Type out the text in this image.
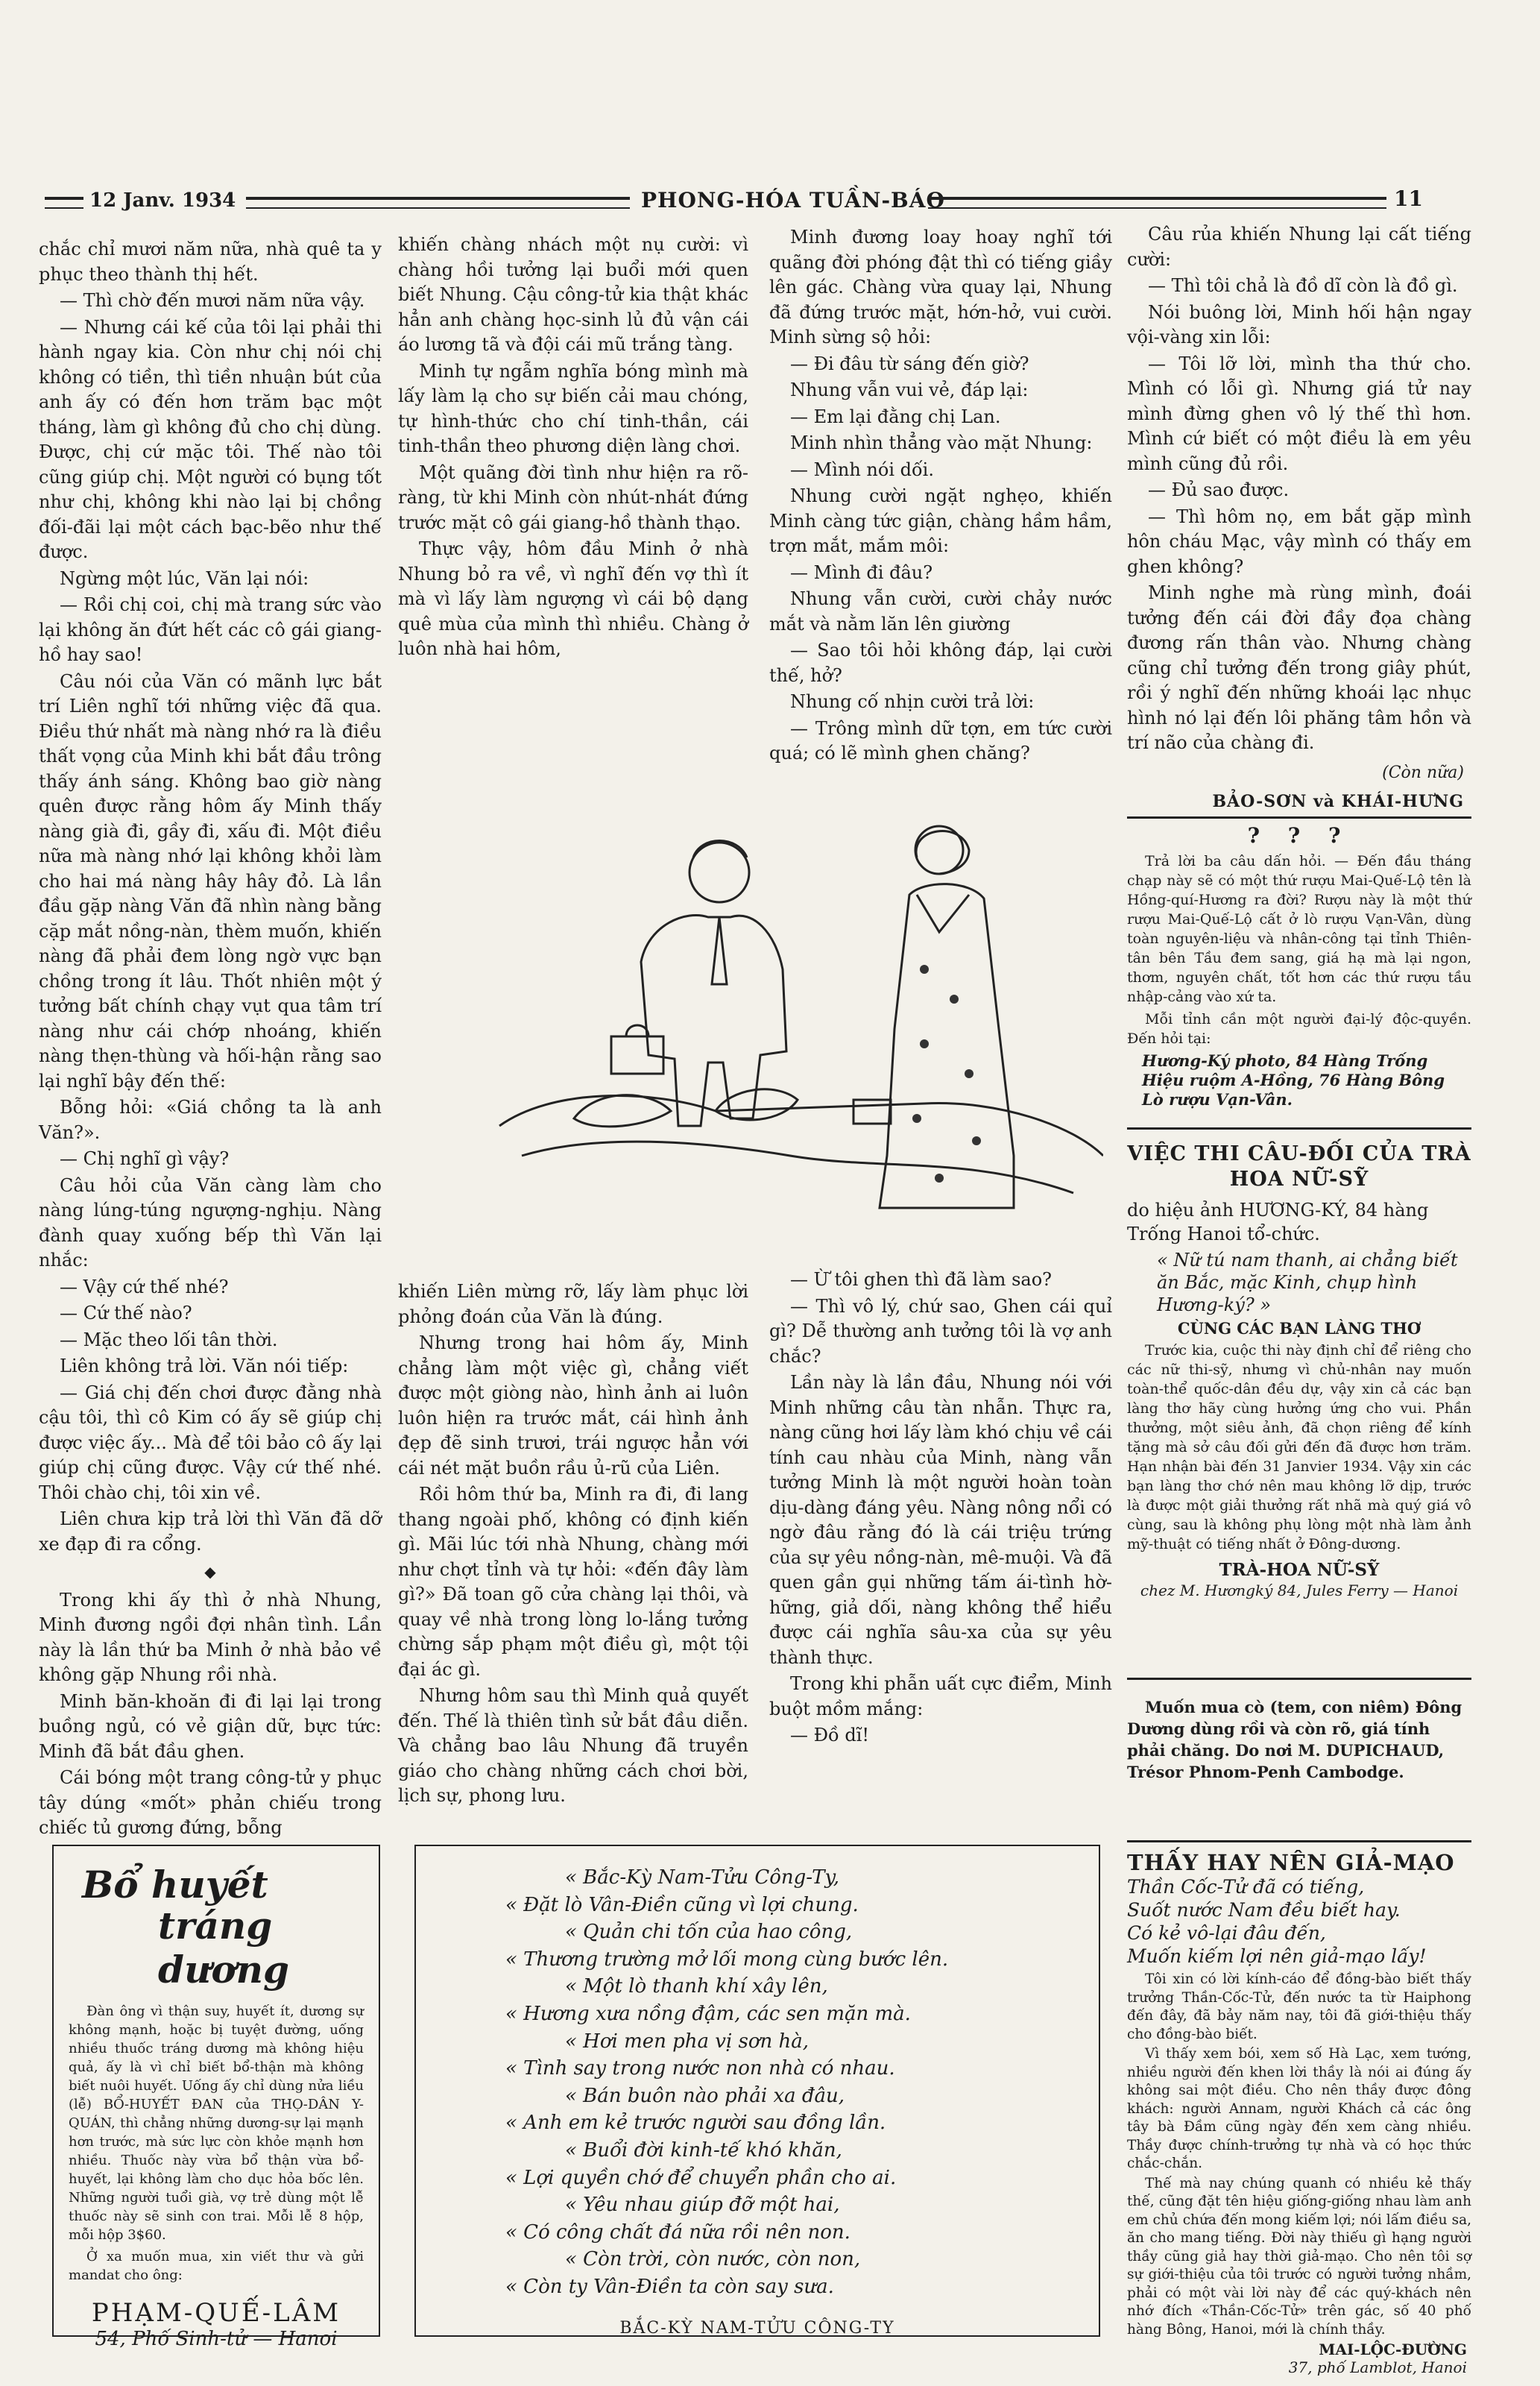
12 Janv. 1934	PHONG-HÓA TUẦN-BÁO	11

chắc chỉ mươi năm nữa, nhà quê ta y phục theo thành thị hết.

— Thì chờ đến mươi năm nữa vậy.

— Nhưng cái kế của tôi lại phải thi hành ngay kia. Còn như chị nói chị không có tiền, thì tiền nhuận bút của anh ấy có đến hơn trăm bạc một tháng, làm gì không đủ cho chị dùng. Được, chị cứ mặc tôi. Thế nào tôi cũng giúp chị. Một người có bụng tốt như chị, không khi nào lại bị chồng đối-đãi lại một cách bạc-bẽo như thế được.

Ngừng một lúc, Văn lại nói:

— Rồi chị coi, chị mà trang sức vào lại không ăn đứt hết các cô gái giang-hồ hay sao!

Câu nói của Văn có mãnh lực bắt trí Liên nghĩ tới những việc đã qua. Điều thứ nhất mà nàng nhớ ra là điều thất vọng của Minh khi bắt đầu trông thấy ánh sáng. Không bao giờ nàng quên được rằng hôm ấy Minh thấy nàng già đi, gầy đi, xấu đi. Một điều nữa mà nàng nhớ lại không khỏi làm cho hai má nàng hây hây đỏ. Là lần đầu gặp nàng Văn đã nhìn nàng bằng cặp mắt nồng-nàn, thèm muốn, khiến nàng đã phải đem lòng ngờ vực bạn chồng trong ít lâu. Thốt nhiên một ý tưởng bất chính chạy vụt qua tâm trí nàng như cái chớp nhoáng, khiến nàng thẹn-thùng và hối-hận rằng sao lại nghĩ bậy đến thế:

Bỗng hỏi: «Giá chồng ta là anh Văn?».

— Chị nghĩ gì vậy?

Câu hỏi của Văn càng làm cho nàng lúng-túng ngượng-nghịu. Nàng đành quay xuống bếp thì Văn lại nhắc:

— Vậy cứ thế nhé?

— Cứ thế nào?

— Mặc theo lối tân thời.

Liên không trả lời. Văn nói tiếp:

— Giá chị đến chơi được đằng nhà cậu tôi, thì cô Kim có ấy sẽ giúp chị được việc ấy... Mà để tôi bảo cô ấy lại giúp chị cũng được. Vậy cứ thế nhé. Thôi chào chị, tôi xin về.

Liên chưa kịp trả lời thì Văn đã dỡ xe đạp đi ra cổng.

◆

Trong khi ấy thì ở nhà Nhung, Minh đương ngồi đợi nhân tình. Lần này là lần thứ ba Minh ở nhà bảo về không gặp Nhung rồi nhà.

Minh băn-khoăn đi đi lại lại trong buồng ngủ, có vẻ giận dữ, bực tức: Minh đã bắt đầu ghen.

Cái bóng một trang công-tử y phục tây dúng «mốt» phản chiếu trong chiếc tủ gương đứng, bỗng

khiến chàng nhách một nụ cười: vì chàng hồi tưởng lại buổi mới quen biết Nhung. Cậu công-tử kia thật khác hẳn anh chàng học-sinh lủ đủ vận cái áo lương tã và đội cái mũ trắng tàng.

Minh tự ngẫm nghĩa bóng mình mà lấy làm lạ cho sự biến cải mau chóng, tự hình-thức cho chí tinh-thần, cái tinh-thần theo phương diện làng chơi.

Một quãng đời tình như hiện ra rõ-ràng, từ khi Minh còn nhút-nhát đứng trước mặt cô gái giang-hồ thành thạo.

Thực vậy, hôm đầu Minh ở nhà Nhung bỏ ra về, vì nghĩ đến vợ thì ít mà vì lấy làm ngượng vì cái bộ dạng quê mùa của mình thì nhiều. Chàng ở luôn nhà hai hôm,

Minh đương loay hoay nghĩ tới quãng đời phóng đật thì có tiếng giầy lên gác. Chàng vừa quay lại, Nhung đã đứng trước mặt, hớn-hở, vui cười. Minh sừng sộ hỏi:

— Đi đâu từ sáng đến giờ?

Nhung vẫn vui vẻ, đáp lại:

— Em lại đằng chị Lan.

Minh nhìn thẳng vào mặt Nhung:

— Mình nói dối.

Nhung cười ngặt nghẹo, khiến Minh càng tức giận, chàng hầm hầm, trợn mắt, mắm môi:

— Mình đi đâu?

Nhung vẫn cười, cười chảy nước mắt và nằm lăn lên giường

— Sao tôi hỏi không đáp, lại cười thế, hở?

Nhung cố nhịn cười trả lời:

— Trông mình dữ tợn, em tức cười quá; có lẽ mình ghen chăng?

Câu rủa khiến Nhung lại cất tiếng cười:

— Thì tôi chả là đồ dĩ còn là đồ gì.

Nói buông lời, Minh hối hận ngay vội-vàng xin lỗi:

— Tôi lỡ lời, mình tha thứ cho. Mình có lỗi gì. Nhưng giá tử nay mình đừng ghen vô lý thế thì hơn. Mình cứ biết có một điều là em yêu mình cũng đủ rồi.

— Đủ sao được.

— Thì hôm nọ, em bắt gặp mình hôn cháu Mạc, vậy mình có thấy em ghen không?

Minh nghe mà rùng mình, đoái tưởng đến cái đời đầy đọa chàng đương rấn thân vào. Nhưng chàng cũng chỉ tưởng đến trong giây phút, rồi ý nghĩ đến những khoái lạc nhục hình nó lại đến lôi phăng tâm hồn và trí não của chàng đi.

(Còn nữa)
BẢO-SƠN và KHÁI-HƯNG

khiến Liên mừng rỡ, lấy làm phục lời phỏng đoán của Văn là đúng.

Nhưng trong hai hôm ấy, Minh chẳng làm một việc gì, chẳng viết được một giòng nào, hình ảnh ai luôn luôn hiện ra trước mắt, cái hình ảnh đẹp đẽ sinh trươi, trái ngược hẳn với cái nét mặt buồn rầu ủ-rũ của Liên.

Rồi hôm thứ ba, Minh ra đi, đi lang thang ngoài phố, không có định kiến gì. Mãi lúc tới nhà Nhung, chàng mới như chợt tỉnh và tự hỏi: «đến đây làm gì?» Đã toan gõ cửa chàng lại thôi, và quay về nhà trong lòng lo-lắng tưởng chừng sắp phạm một điều gì, một tội đại ác gì.

Nhưng hôm sau thì Minh quả quyết đến. Thế là thiên tình sử bắt đầu diễn. Và chẳng bao lâu Nhung đã truyền giáo cho chàng những cách chơi bời, lịch sự, phong lưu.

— Ừ tôi ghen thì đã làm sao?

— Thì vô lý, chứ sao, Ghen cái quỉ gì? Dễ thường anh tưởng tôi là vợ anh chắc?

Lần này là lần đầu, Nhung nói với Minh những câu tàn nhẫn. Thực ra, nàng cũng hơi lấy làm khó chịu về cái tính cau nhàu của Minh, nàng vẫn tưởng Minh là một người hoàn toàn dịu-dàng đáng yêu. Nàng nông nổi có ngờ đâu rằng đó là cái triệu trứng của sự yêu nồng-nàn, mê-muội. Và đã quen gần gụi những tấm ái-tình hờ-hững, giả dối, nàng không thể hiểu được cái nghĩa sâu-xa của sự yêu thành thực.

Trong khi phẫn uất cực điểm, Minh buột mồm mắng:

— Đồ dĩ!

? ? ?

Trả lời ba câu dấn hỏi. — Đến đầu tháng chạp này sẽ có một thứ rượu Mai-Quế-Lộ tên là Hồng-quí-Hương ra đời? Rượu này là một thứ rượu Mai-Quế-Lộ cất ở lò rượu Vạn-Vân, dùng toàn nguyên-liệu và nhân-công tại tỉnh Thiên-tân bên Tầu đem sang, giá hạ mà lại ngon, thơm, nguyên chất, tốt hơn các thứ rượu tầu nhập-cảng vào xứ ta.

Mỗi tỉnh cần một người đại-lý độc-quyền. Đến hỏi tại:

Hương-Ký photo, 84 Hàng Trống
Hiệu ruộm A-Hồng, 76 Hàng Bông
Lò rượu Vạn-Vân.
VIỆC THI CÂU-ĐỐI CỦA TRÀ HOA NỮ-SỸ
do hiệu ảnh HƯƠNG-KÝ, 84 hàng Trống Hanoi tổ-chức.
« Nữ tú nam thanh, ai chẳng biết ăn Bắc, mặc Kinh, chụp hình Hương-ký? »
CÙNG CÁC BẠN LÀNG THƠ

Trước kia, cuộc thi này định chỉ để riêng cho các nữ thi-sỹ, nhưng vì chủ-nhân nay muốn toàn-thể quốc-dân đều dự, vậy xin cả các bạn làng thơ hãy cùng hưởng ứng cho vui. Phần thưởng, một siêu ảnh, đã chọn riêng để kính tặng mà sở câu đối gửi đến đã được hơn trăm. Hạn nhận bài đến 31 Janvier 1934. Vậy xin các bạn làng thơ chớ nên mau không lỡ dịp, trước là được một giải thưởng rất nhã mà quý giá vô cùng, sau là không phụ lòng một nhà làm ảnh mỹ-thuật có tiếng nhất ở Đông-dương.

TRÀ-HOA NỮ-SỸ
chez M. Hươngký 84, Jules Ferry — Hanoi

Muốn mua cò (tem, con niêm) Đông Dương dùng rồi và còn rõ, giá tính phải chăng. Do nơi M. DUPICHAUD, Trésor Phnom-Penh Cambodge.

Bổ huyết
tráng dương

Đàn ông vì thận suy, huyết ít, dương sự không mạnh, hoặc bị tuyệt đường, uống nhiều thuốc tráng dương mà không hiệu quả, ấy là vì chỉ biết bổ-thận mà không biết nuôi huyết. Uống ấy chỉ dùng nửa liều (lễ) BỔ-HUYẾT ĐAN của THỌ-DÂN Y-QUÁN, thì chẳng những dương-sự lại mạnh hơn trước, mà sức lực còn khỏe mạnh hơn nhiều. Thuốc này vừa bổ thận vừa bổ-huyết, lại không làm cho dục hỏa bốc lên. Những người tuổi già, vợ trẻ dùng một lễ thuốc này sẽ sinh con trai. Mỗi lễ 8 hộp, mỗi hộp 3$60.

Ở xa muốn mua, xin viết thư và gửi mandat cho ông:

PHẠM-QUẾ-LÂM
54, Phố Sinh-tử — Hanoi
« Bắc-Kỳ Nam-Tửu Công-Ty,
« Đặt lò Vân-Điền cũng vì lợi chung.
« Quản chi tốn của hao công,
« Thương trường mở lối mong cùng bước lên.
« Một lò thanh khí xây lên,
« Hương xưa nồng đậm, các sen mặn mà.
« Hơi men pha vị sơn hà,
« Tình say trong nước non nhà có nhau.
« Bán buôn nào phải xa đâu,
« Anh em kẻ trước người sau đồng lần.
« Buổi đời kinh-tế khó khăn,
« Lợi quyền chớ để chuyển phần cho ai.
« Yêu nhau giúp đỡ một hai,
« Có công chất đá nữa rồi nên non.
« Còn trời, còn nước, còn non,
« Còn ty Vân-Điền ta còn say sưa.
BẮC-KỲ NAM-TỬU CÔNG-TY
THẤY HAY NÊN GIẢ-MẠO
Thần Cốc-Tử đã có tiếng,
Suốt nước Nam đều biết hay.
Có kẻ vô-lại đâu đến,
Muốn kiếm lợi nên giả-mạo lấy!

Tôi xin có lời kính-cáo để đồng-bào biết thấy trưởng Thần-Cốc-Tử, đến nước ta từ Haiphong đến đây, đã bảy năm nay, tôi đã giới-thiệu thấy cho đồng-bào biết.

Vì thấy xem bói, xem số Hà Lạc, xem tướng, nhiều người đến khen lời thầy là nói ai đúng ấy không sai một điều. Cho nên thầy được đông khách: người Annam, người Khách cả các ông tây bà Đầm cũng ngày đến xem càng nhiều. Thầy được chính-trưởng tự nhà và có học thức chắc-chắn.

Thế mà nay chúng quanh có nhiều kẻ thấy thế, cũng đặt tên hiệu giống-giống nhau làm anh em chủ chứa đến mong kiếm lợi; nói lấm điều sa, ăn cho mang tiếng. Đời này thiếu gì hạng người thầy cũng giả hay thời giả-mạo. Cho nên tôi sợ sự giới-thiệu của tôi trước có người tưởng nhầm, phải có một vài lời này để các quý-khách nên nhớ đích «Thần-Cốc-Tử» trên gác, số 40 phố hàng Bông, Hanoi, mới là chính thầy.

MAI-LỘC-ĐƯỜNG
37, phố Lamblot, Hanoi
